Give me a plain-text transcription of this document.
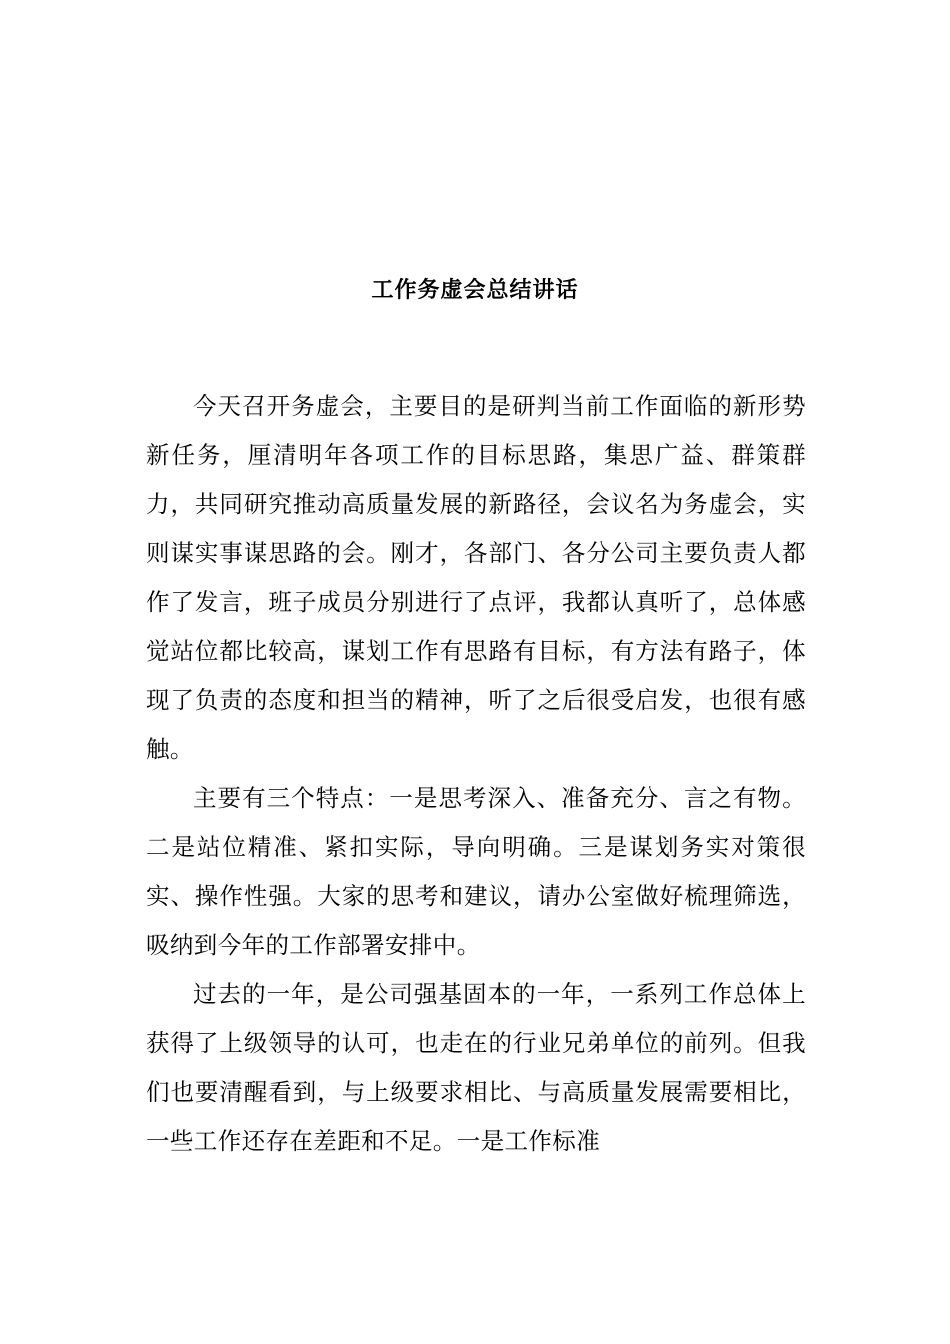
工作务虚会总结讲话

今天召开务虚会，主要目的是研判当前工作面临的新形势新任务，厘清明年各项工作的目标思路，集思广益、群策群力，共同研究推动高质量发展的新路径，会议名为务虚会，实则谋实事谋思路的会。刚才，各部门、各分公司主要负责人都作了发言，班子成员分别进行了点评，我都认真听了，总体感觉站位都比较高，谋划工作有思路有目标，有方法有路子，体现了负责的态度和担当的精神，听了之后很受启发，也很有感触。

主要有三个特点：一是思考深入、准备充分、言之有物。二是站位精准、紧扣实际，导向明确。三是谋划务实对策很实、操作性强。大家的思考和建议，请办公室做好梳理筛选，吸纳到今年的工作部署安排中。

过去的一年，是公司强基固本的一年，一系列工作总体上获得了上级领导的认可，也走在的行业兄弟单位的前列。但我们也要清醒看到，与上级要求相比、与高质量发展需要相比，一些工作还存在差距和不足。一是工作标准
